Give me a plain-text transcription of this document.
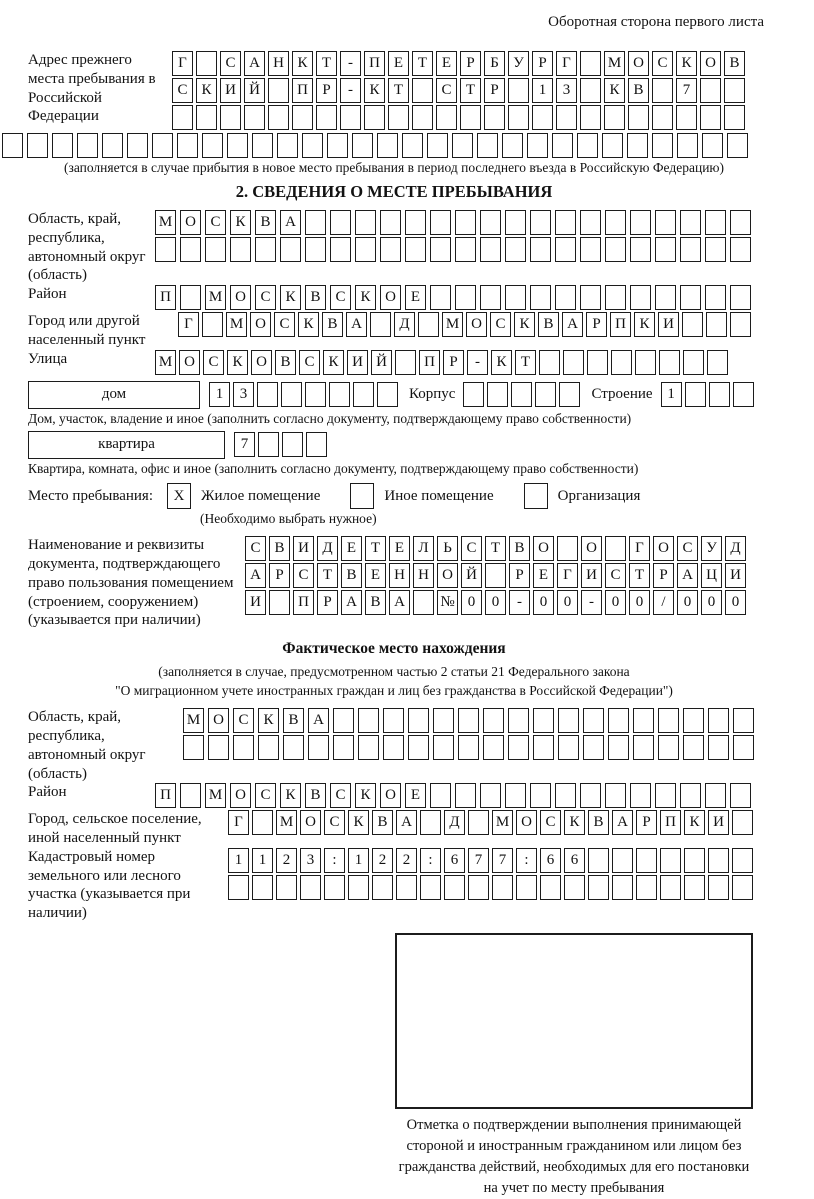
Оборотная сторона первого листа
Адрес прежнего места пребывания в Российской Федерации
Г	С А Н К Т	-	П Е Т Е	Р	Б У Р	Г	М О С К О В
С К И Й	П Р	-	К Т	С Т	Р	1	3	К В	7
(заполняется в случае прибытия в новое место пребывания в период последнего въезда в Российскую Федерацию)
2. СВЕДЕНИЯ О МЕСТЕ ПРЕБЫВАНИЯ
Область, край, республика, автономный округ (область)
М О С К В А
Район	П	М О С К В С К О Е
Город или другой населенный пункт
Г	М О С К В А	Д	М О С К В А Р П К И
Улица	М О С К О В С К И Й	П Р	-	К Т
дом	1	3	Корпус	Строение 1
Дом, участок, владение и иное (заполнить согласно документу, подтверждающему право собственности)
квартира	7
Квартира, комната, офис и иное (заполнить согласно документу, подтверждающему право собственности)
Место пребывания:	X	Жилое помещение	Иное помещение	Организация
(Необходимо выбрать нужное)
Наименование и реквизиты документа, подтверждающего право пользования помещением (строением, сооружением) (указывается при наличии)
С В И Д Е Т Е Л Ь С Т В О	О	Г О С У Д
А Р С Т В Е Н Н О Й	Р	Е	Г И С Т	Р А Ц И
И	П Р А В А	№ 0	0	-	0	0	-	0	0	/	0	0	0
Фактическое место нахождения
(заполняется в случае, предусмотренном частью 2 статьи 21 Федерального закона
"О миграционном учете иностранных граждан и лиц без гражданства в Российской Федерации")
Область, край, республика, автономный округ (область)
М О С К В А
Район	П	М О С К В С К О Е
Город, сельское поселение, иной населенный пункт
Г	М О С К В А	Д	М О С К В А Р П К И
Кадастровый номер земельного или лесного участка (указывается при наличии)
1	1	2	3	:	1	2	2	:	6	7	7	:	6	6
Отметка о подтверждении выполнения принимающей
стороной и иностранным гражданином или лицом без
гражданства действий, необходимых для его постановки
на учет по месту пребывания
